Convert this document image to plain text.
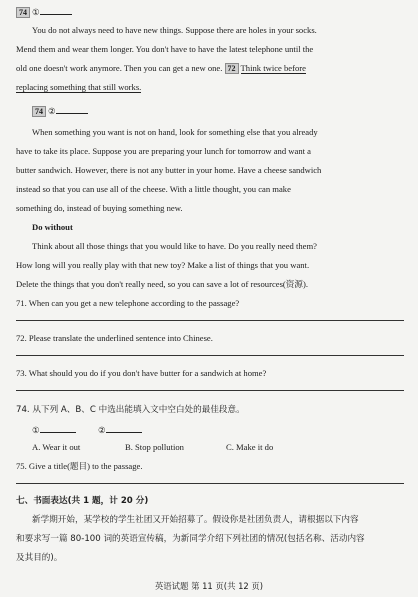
74 ①
You do not always need to have new things. Suppose there are holes in your socks.
Mend them and wear them longer. You don't have to have the latest telephone until the
old one doesn't work anymore. Then you can get a new one. 72 Think twice before
replacing something that still works.
74 ②
When something you want is not on hand, look for something else that you already
have to take its place. Suppose you are preparing your lunch for tomorrow and want a
butter sandwich. However, there is not any butter in your home. Have a cheese sandwich
instead so that you can use all of the cheese. With a little thought, you can make
something do, instead of buying something new.
Do without
Think about all those things that you would like to have. Do you really need them?
How long will you really play with that new toy? Make a list of things that you want.
Delete the things that you don't really need, so you can save a lot of resources(资源).
71. When can you get a new telephone according to the passage?
72. Please translate the underlined sentence into Chinese.
73. What should you do if you don't have butter for a sandwich at home?
74. 从下列 A、B、C 中选出能填入文中空白处的最佳段意。
①	②
A. Wear it out	B. Stop pollution	C. Make it do
75. Give a title(题目) to the passage.
七、书面表达(共 1 题，计 20 分)
新学期开始，某学校的学生社团又开始招募了。假设你是社团负责人，请根据以下内容
和要求写一篇 80-100 词的英语宣传稿，为新同学介绍下列社团的情况(包括名称、活动内容
及其目的)。
英语试题 第 11 页(共 12 页)
